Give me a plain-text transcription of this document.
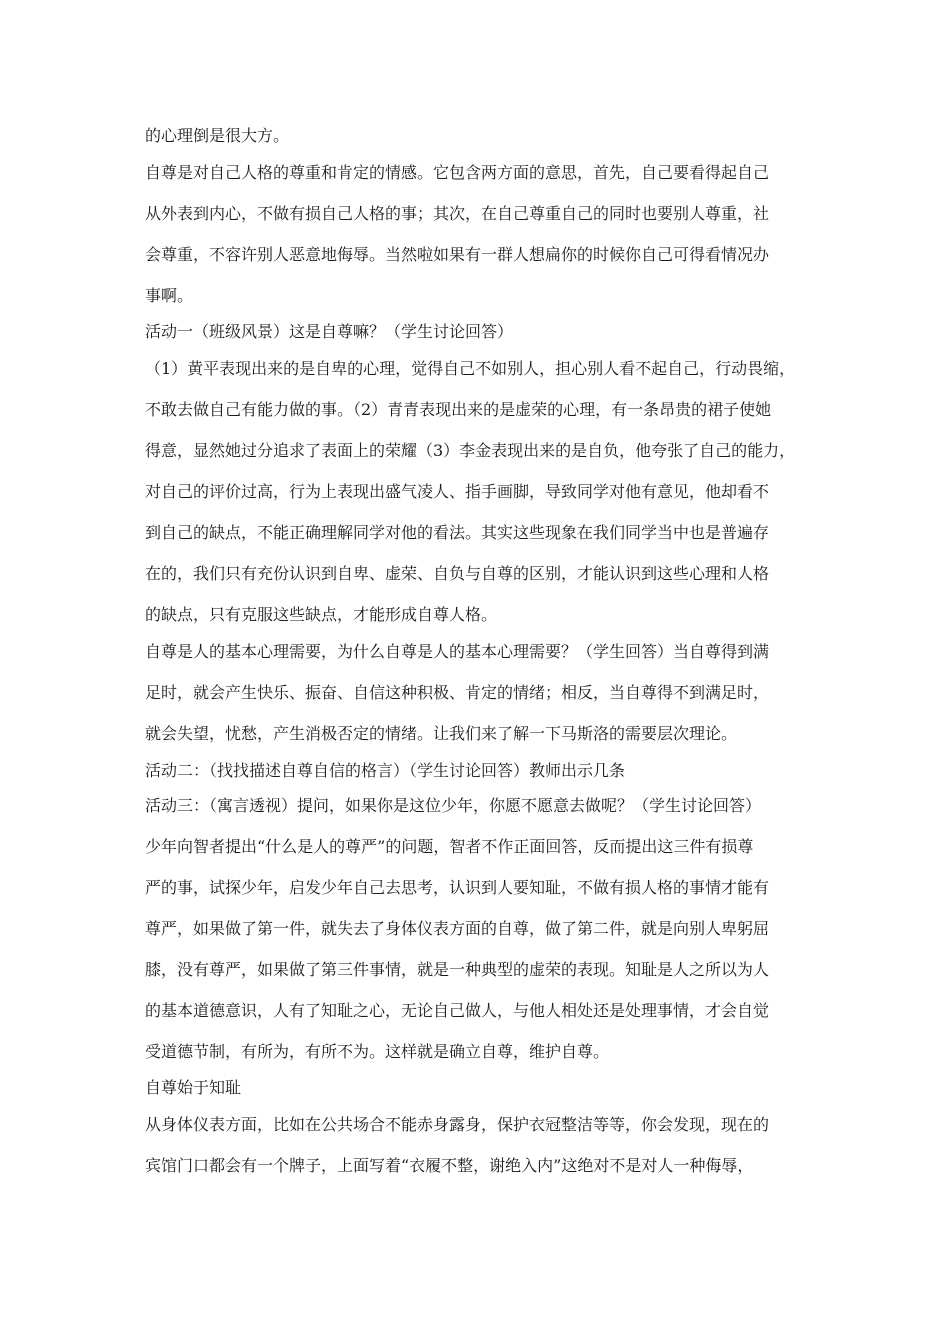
的心理倒是很大方。
自尊是对自己人格的尊重和肯定的情感。它包含两方面的意思，首先，自己要看得起自己
从外表到内心，不做有损自己人格的事；其次，在自己尊重自己的同时也要别人尊重，社
会尊重，不容许别人恶意地侮辱。当然啦如果有一群人想扁你的时候你自己可得看情况办
事啊。
活动一（班级风景）这是自尊嘛？（学生讨论回答）
（1）黄平表现出来的是自卑的心理，觉得自己不如别人，担心别人看不起自己，行动畏缩，
不敢去做自己有能力做的事。（2）青青表现出来的是虚荣的心理，有一条昂贵的裙子使她
得意，显然她过分追求了表面上的荣耀（3）李金表现出来的是自负，他夸张了自己的能力，
对自己的评价过高，行为上表现出盛气凌人、指手画脚，导致同学对他有意见，他却看不
到自己的缺点，不能正确理解同学对他的看法。其实这些现象在我们同学当中也是普遍存
在的，我们只有充份认识到自卑、虚荣、自负与自尊的区别，才能认识到这些心理和人格
的缺点，只有克服这些缺点，才能形成自尊人格。
自尊是人的基本心理需要，为什么自尊是人的基本心理需要？（学生回答）当自尊得到满
足时，就会产生快乐、振奋、自信这种积极、肯定的情绪；相反，当自尊得不到满足时，
就会失望，忧愁，产生消极否定的情绪。让我们来了解一下马斯洛的需要层次理论。
活动二：（找找描述自尊自信的格言）（学生讨论回答）教师出示几条
活动三：（寓言透视）提问，如果你是这位少年，你愿不愿意去做呢？（学生讨论回答）
少年向智者提出“什么是人的尊严”的问题，智者不作正面回答，反而提出这三件有损尊
严的事，试探少年，启发少年自己去思考，认识到人要知耻，不做有损人格的事情才能有
尊严，如果做了第一件，就失去了身体仪表方面的自尊，做了第二件，就是向别人卑躬屈
膝，没有尊严，如果做了第三件事情，就是一种典型的虚荣的表现。知耻是人之所以为人
的基本道德意识，人有了知耻之心，无论自己做人，与他人相处还是处理事情，才会自觉
受道德节制，有所为，有所不为。这样就是确立自尊，维护自尊。
自尊始于知耻
从身体仪表方面，比如在公共场合不能赤身露身，保护衣冠整洁等等，你会发现，现在的
宾馆门口都会有一个牌子，上面写着“衣履不整，谢绝入内”这绝对不是对人一种侮辱，
